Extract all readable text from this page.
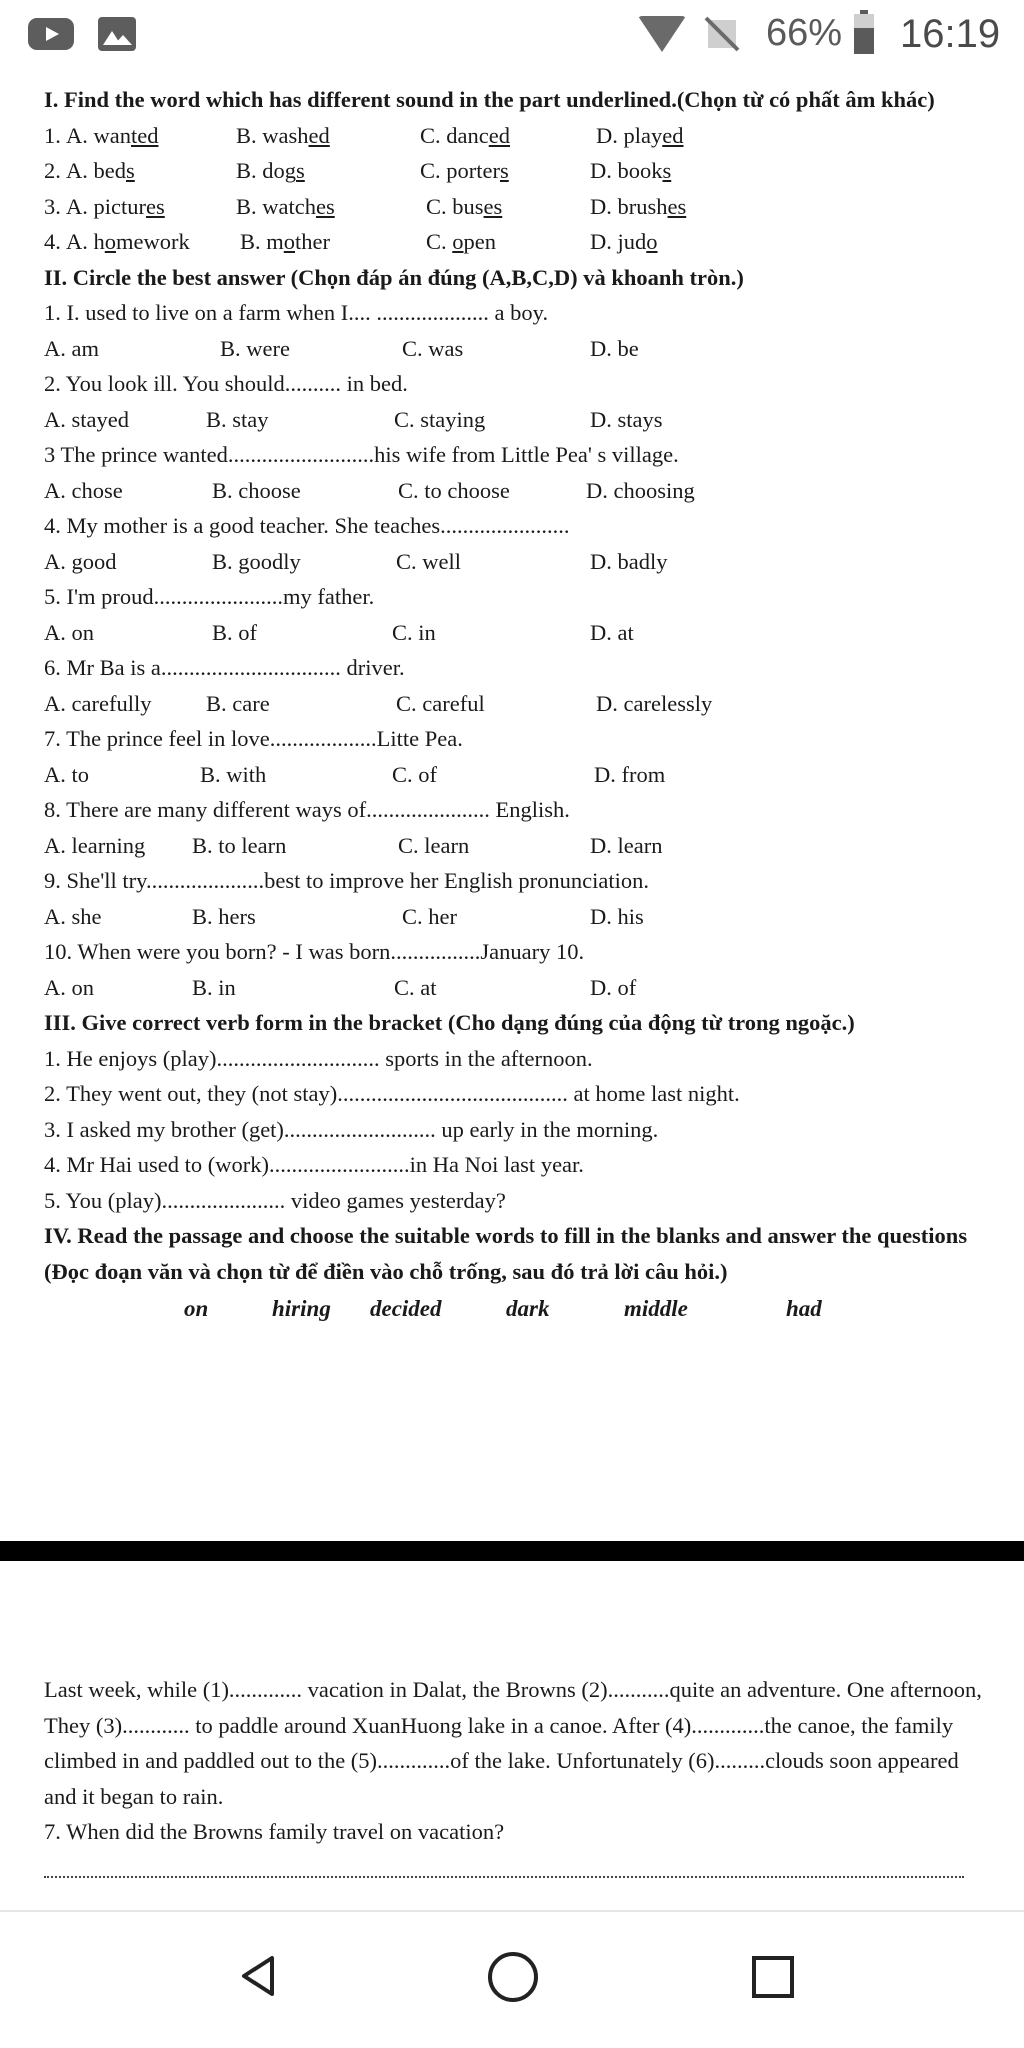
66% 16:19
I. Find the word which has different sound in the part underlined.(Chọn từ có phất âm khác)
1. A. wanted	B. washed	C. danced	D. played
2. A. beds	B. dogs	C. porters	D. books
3. A. pictures	B. watches	C. buses	D. brushes
4. A. homework B. mother	C. open	D. judo
II. Circle the best answer (Chọn đáp án đúng (A,B,C,D) và khoanh tròn.)
1. I. used to live on a farm when I.... .................... a boy.
A. am	B. were	C. was	D. be
2. You look ill. You should.......... in bed.
A. stayed	B. stay	C. staying	D. stays
3 The prince wanted..........................his wife from Little Pea' s village.
A. chose	B. choose	C. to choose	D. choosing
4. My mother is a good teacher. She teaches.......................
A. good	B. goodly	C. well	D. badly
5. I'm proud.......................my father.
A. on	B. of	C. in	D. at
6. Mr Ba is a................................ driver.
A. carefully B. care	C. careful	D. carelessly
7. The prince feel in love...................Litte Pea.
A. to	B. with	C. of	D. from
8. There are many different ways of...................... English.
A. learning B. to learn	C. learn	D. learn
9. She'll try.....................best to improve her English pronunciation.
A. she	B. hers	C. her	D. his
10. When were you born? - I was born................January 10.
A. on	B. in	C. at	D. of
III. Give correct verb form in the bracket (Cho dạng đúng của động từ trong ngoặc.)
1. He enjoys (play)............................. sports in the afternoon.
2. They went out, they (not stay)......................................... at home last night.
3. I asked my brother (get)........................... up early in the morning.
4. Mr Hai used to (work).........................in Ha Noi last year.
5. You (play)...................... video games yesterday?
IV. Read the passage and choose the suitable words to fill in the blanks and answer the questions (Đọc đoạn văn và chọn từ để điền vào chỗ trống, sau đó trả lời câu hỏi.)
on	hiring decided	dark	middle	had
Last week, while (1)............. vacation in Dalat, the Browns (2)...........quite an adventure. One afternoon, They (3)............ to paddle around XuanHuong lake in a canoe. After (4).............the canoe, the family climbed in and paddled out to the (5).............of the lake. Unfortunately (6).........clouds soon appeared and it began to rain.
7. When did the Browns family travel on vacation?
